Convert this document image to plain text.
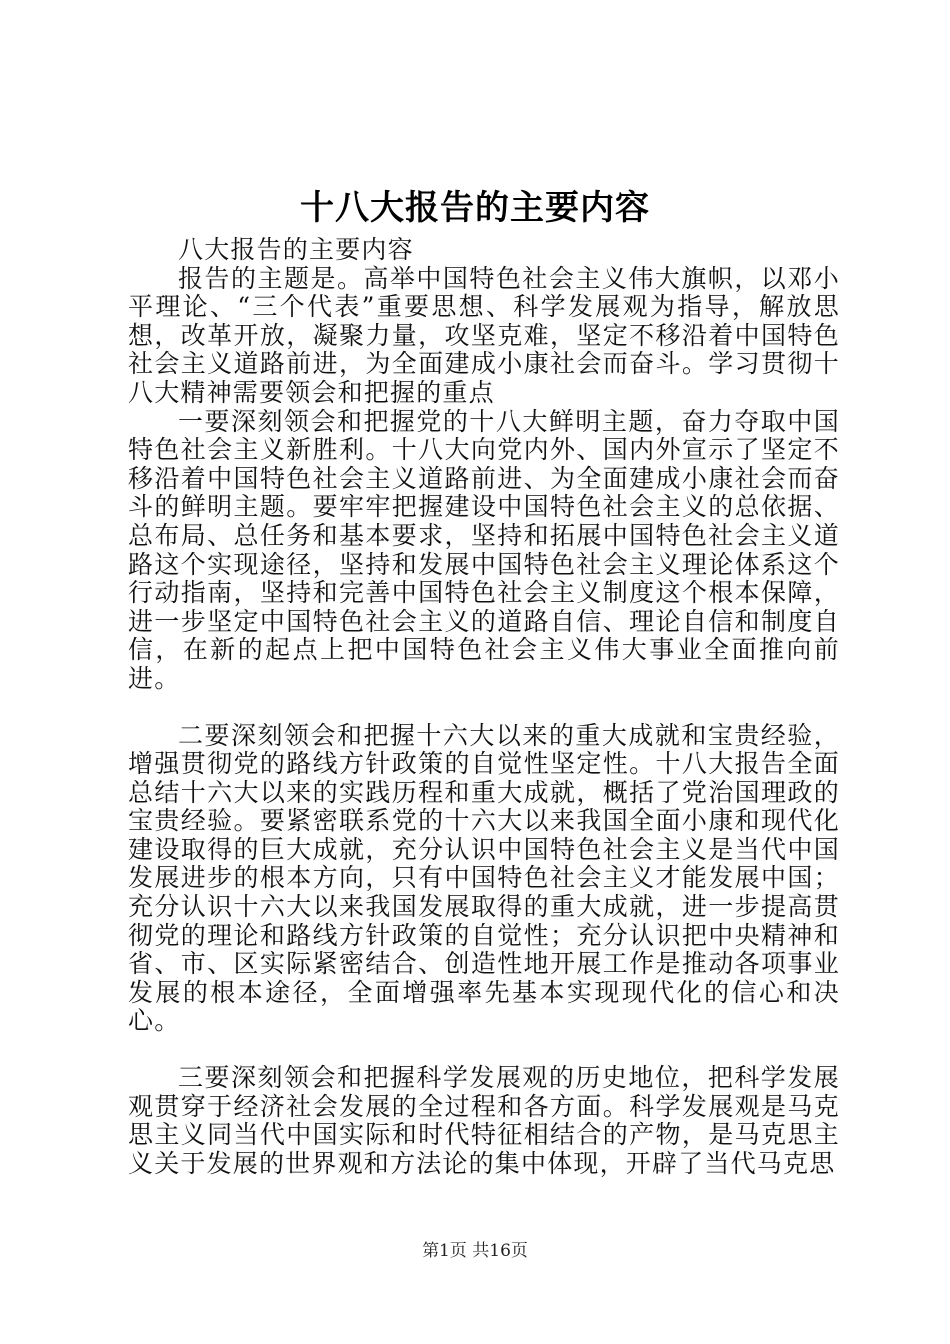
十八大报告的主要内容

八大报告的主要内容

报告的主题是。高举中国特色社会主义伟大旗帜，以邓小平理论、“三个代表”重要思想、科学发展观为指导，解放思想，改革开放，凝聚力量，攻坚克难，坚定不移沿着中国特色社会主义道路前进，为全面建成小康社会而奋斗。学习贯彻十八大精神需要领会和把握的重点

一要深刻领会和把握党的十八大鲜明主题，奋力夺取中国特色社会主义新胜利。十八大向党内外、国内外宣示了坚定不移沿着中国特色社会主义道路前进、为全面建成小康社会而奋斗的鲜明主题。要牢牢把握建设中国特色社会主义的总依据、总布局、总任务和基本要求，坚持和拓展中国特色社会主义道路这个实现途径，坚持和发展中国特色社会主义理论体系这个行动指南，坚持和完善中国特色社会主义制度这个根本保障，进一步坚定中国特色社会主义的道路自信、理论自信和制度自信，在新的起点上把中国特色社会主义伟大事业全面推向前进。

二要深刻领会和把握十六大以来的重大成就和宝贵经验，增强贯彻党的路线方针政策的自觉性坚定性。十八大报告全面总结十六大以来的实践历程和重大成就，概括了党治国理政的宝贵经验。要紧密联系党的十六大以来我国全面小康和现代化建设取得的巨大成就，充分认识中国特色社会主义是当代中国发展进步的根本方向，只有中国特色社会主义才能发展中国；充分认识十六大以来我国发展取得的重大成就，进一步提高贯彻党的理论和路线方针政策的自觉性；充分认识把中央精神和省、市、区实际紧密结合、创造性地开展工作是推动各项事业发展的根本途径，全面增强率先基本实现现代化的信心和决心。

三要深刻领会和把握科学发展观的历史地位，把科学发展观贯穿于经济社会发展的全过程和各方面。科学发展观是马克思主义同当代中国实际和时代特征相结合的产物，是马克思主义关于发展的世界观和方法论的集中体现，开辟了当代马克思

第1页 共16页
